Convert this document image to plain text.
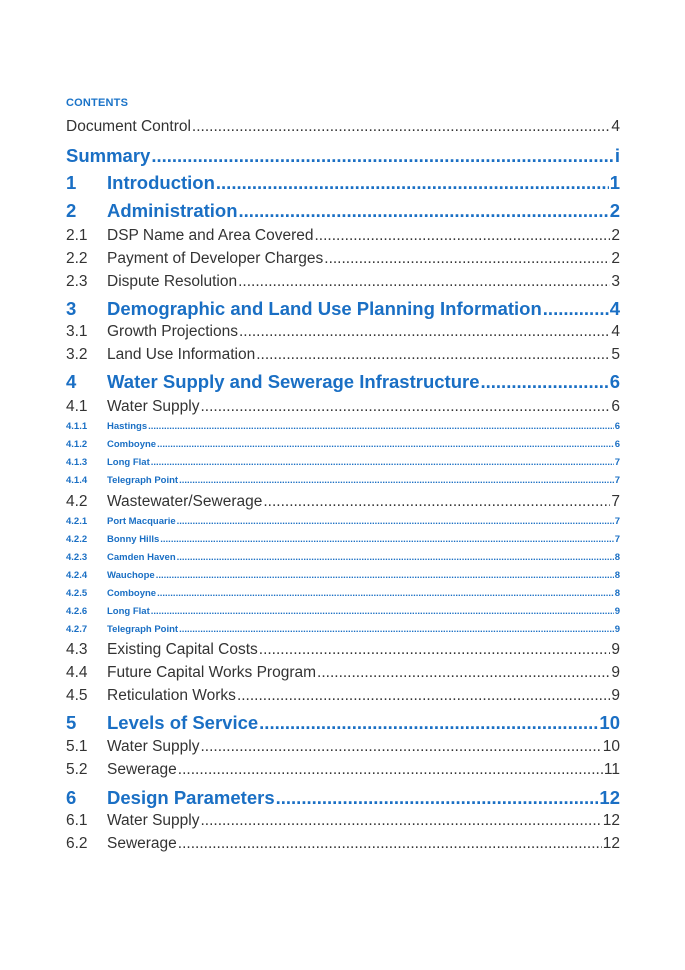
CONTENTS
Document Control .....	4
Summary .....	i
1	Introduction .....	1
2	Administration .....	2
2.1	DSP Name and Area Covered .....	2
2.2	Payment of Developer Charges .....	2
2.3	Dispute Resolution .....	3
3	Demographic and Land Use Planning Information .....	4
3.1	Growth Projections .....	4
3.2	Land Use Information .....	5
4	Water Supply and Sewerage Infrastructure .....	6
4.1	Water Supply .....	6
4.1.1	Hastings .....	6
4.1.2	Comboyne .....	6
4.1.3	Long Flat .....	7
4.1.4	Telegraph Point .....	7
4.2	Wastewater/Sewerage .....	7
4.2.1	Port Macquarie .....	7
4.2.2	Bonny Hills .....	7
4.2.3	Camden Haven .....	8
4.2.4	Wauchope .....	8
4.2.5	Comboyne .....	8
4.2.6	Long Flat .....	9
4.2.7	Telegraph Point .....	9
4.3	Existing Capital Costs .....	9
4.4	Future Capital Works Program .....	9
4.5	Reticulation Works .....	9
5	Levels of Service .....	10
5.1	Water Supply .....	10
5.2	Sewerage .....	11
6	Design Parameters .....	12
6.1	Water Supply .....	12
6.2	Sewerage .....	12
